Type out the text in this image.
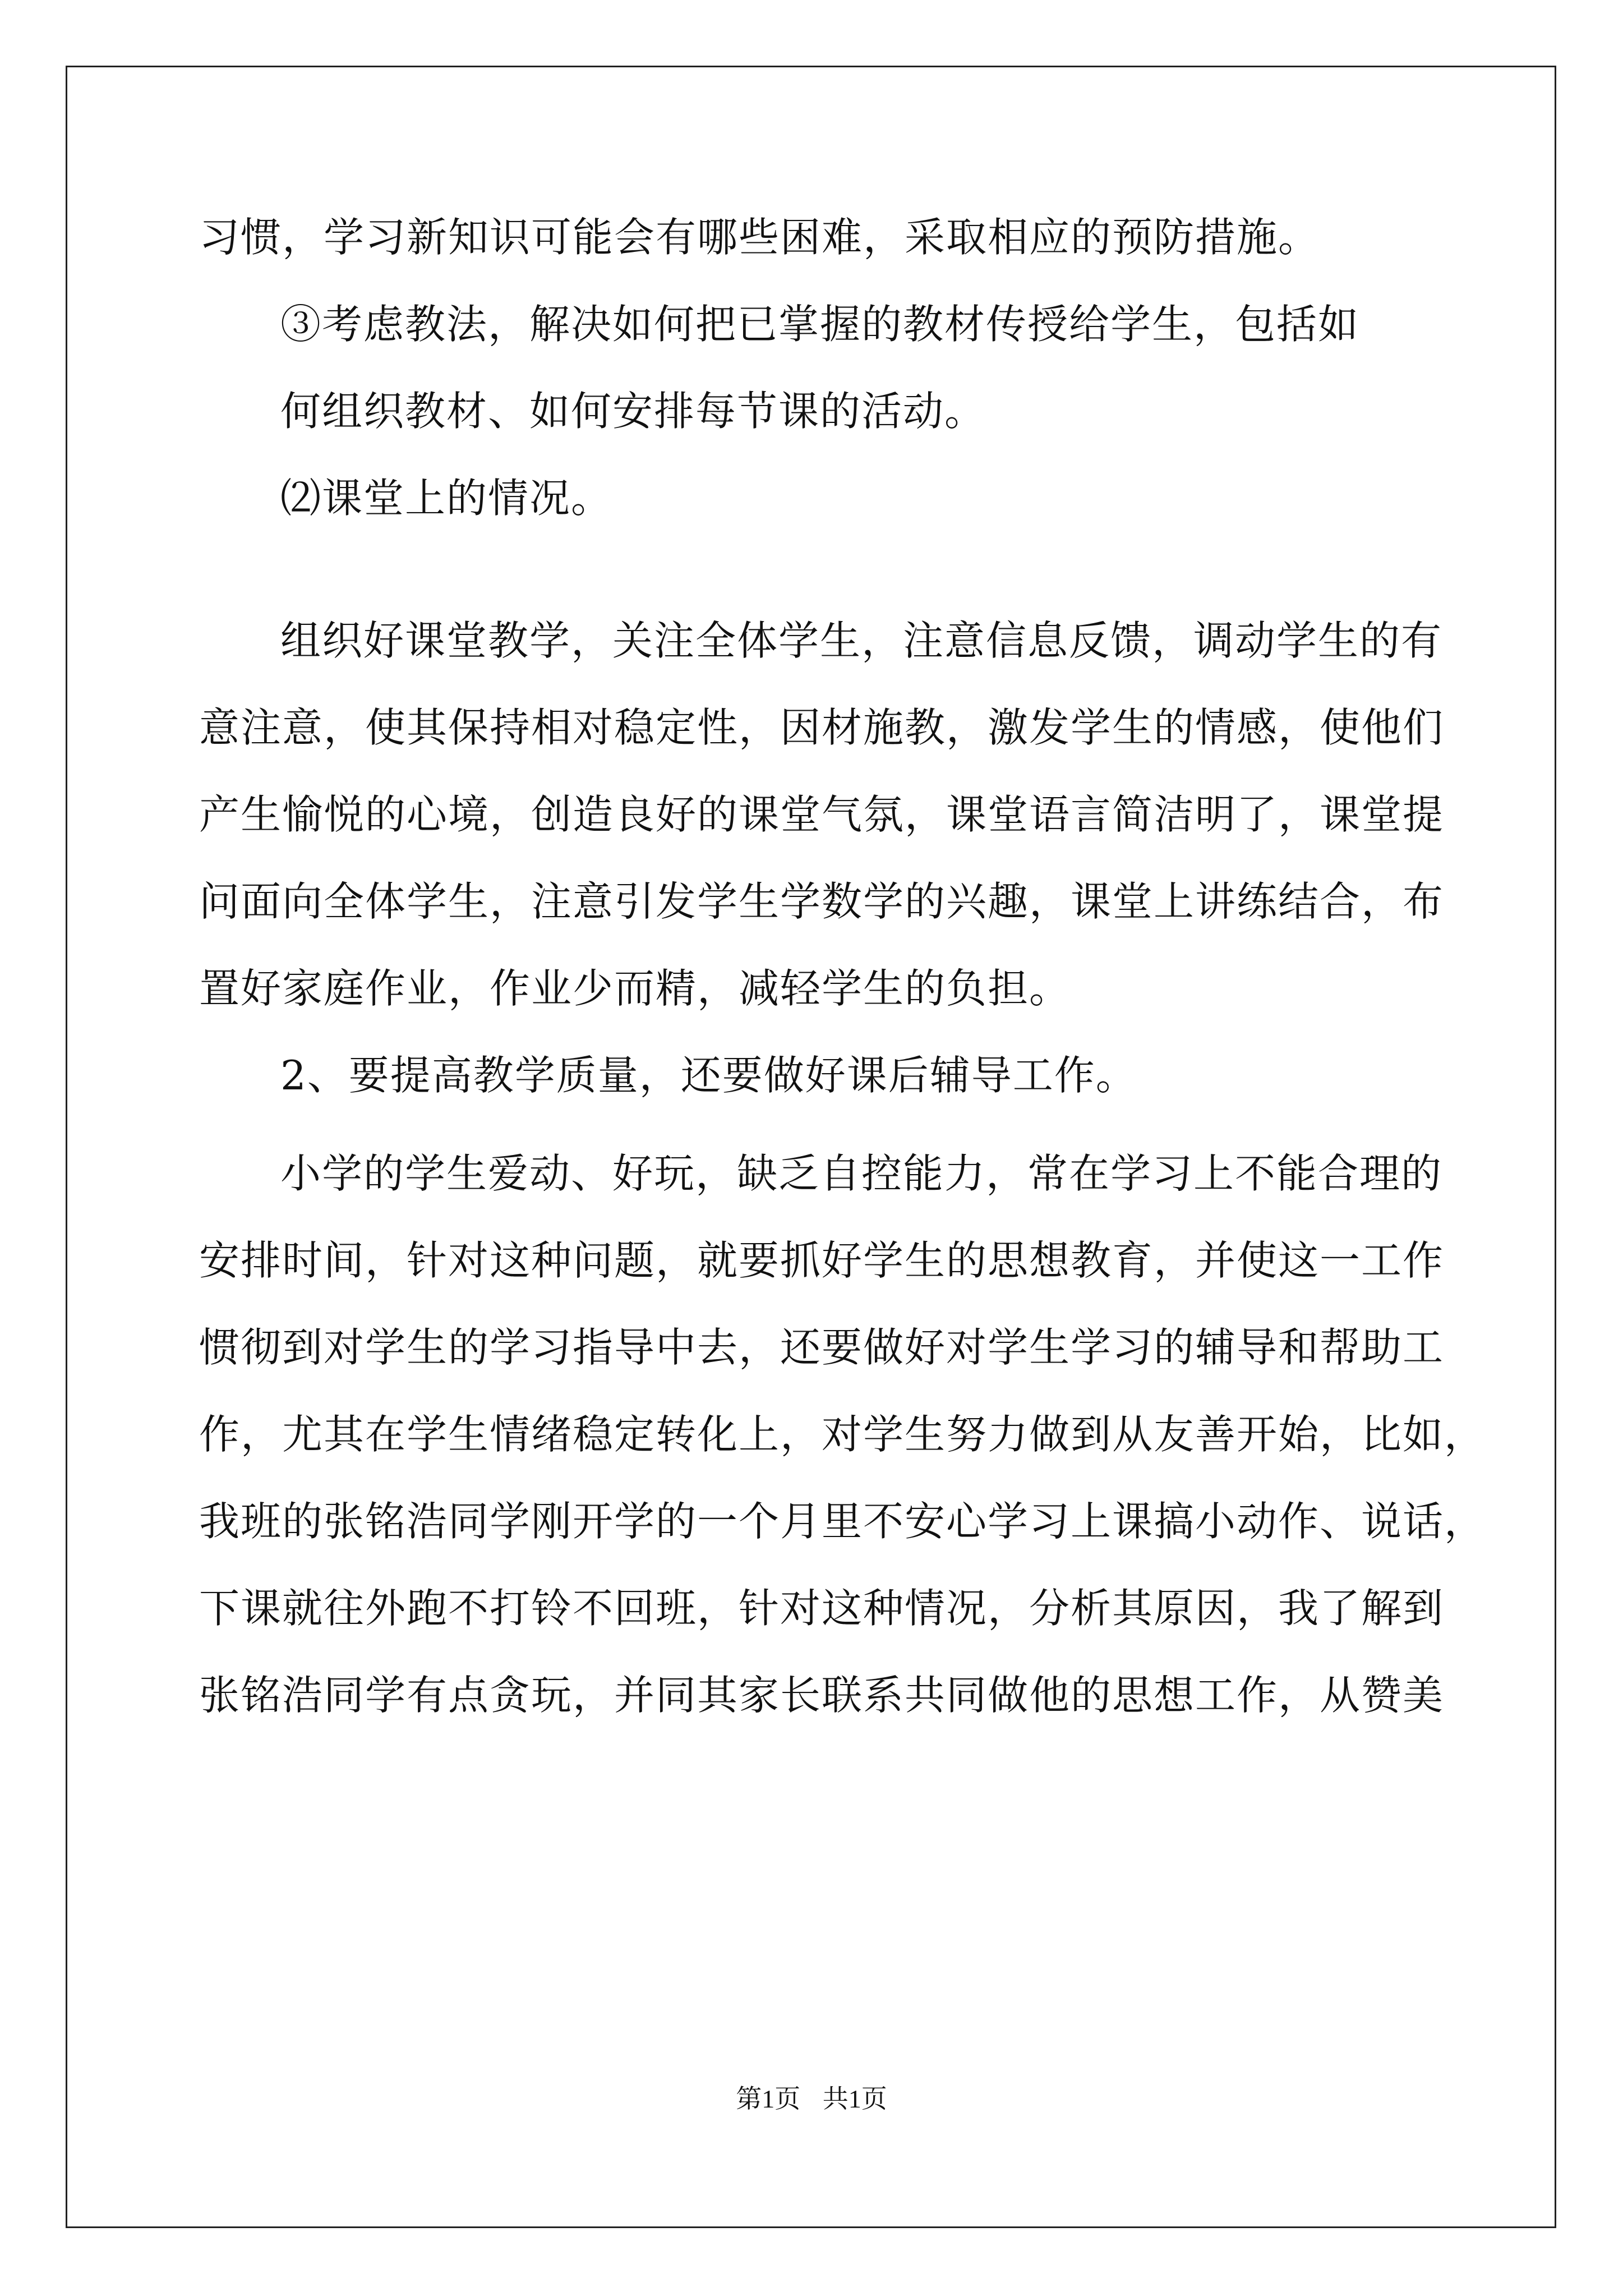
习惯，学习新知识可能会有哪些困难，采取相应的预防措施。
③考虑教法，解决如何把已掌握的教材传授给学生，包括如
何组织教材、如何安排每节课的活动。
⑵课堂上的情况。
组织好课堂教学，关注全体学生，注意信息反馈，调动学生的有
意注意，使其保持相对稳定性，因材施教，激发学生的情感，使他们
产生愉悦的心境，创造良好的课堂气氛，课堂语言简洁明了，课堂提
问面向全体学生，注意引发学生学数学的兴趣，课堂上讲练结合，布
置好家庭作业，作业少而精，减轻学生的负担。
2、要提高教学质量，还要做好课后辅导工作。
小学的学生爱动、好玩，缺乏自控能力，常在学习上不能合理的
安排时间，针对这种问题，就要抓好学生的思想教育，并使这一工作
惯彻到对学生的学习指导中去，还要做好对学生学习的辅导和帮助工
作，尤其在学生情绪稳定转化上，对学生努力做到从友善开始，比如，
我班的张铭浩同学刚开学的一个月里不安心学习上课搞小动作、说话，
下课就往外跑不打铃不回班，针对这种情况，分析其原因，我了解到
张铭浩同学有点贪玩，并同其家长联系共同做他的思想工作，从赞美
第1页 共1页
